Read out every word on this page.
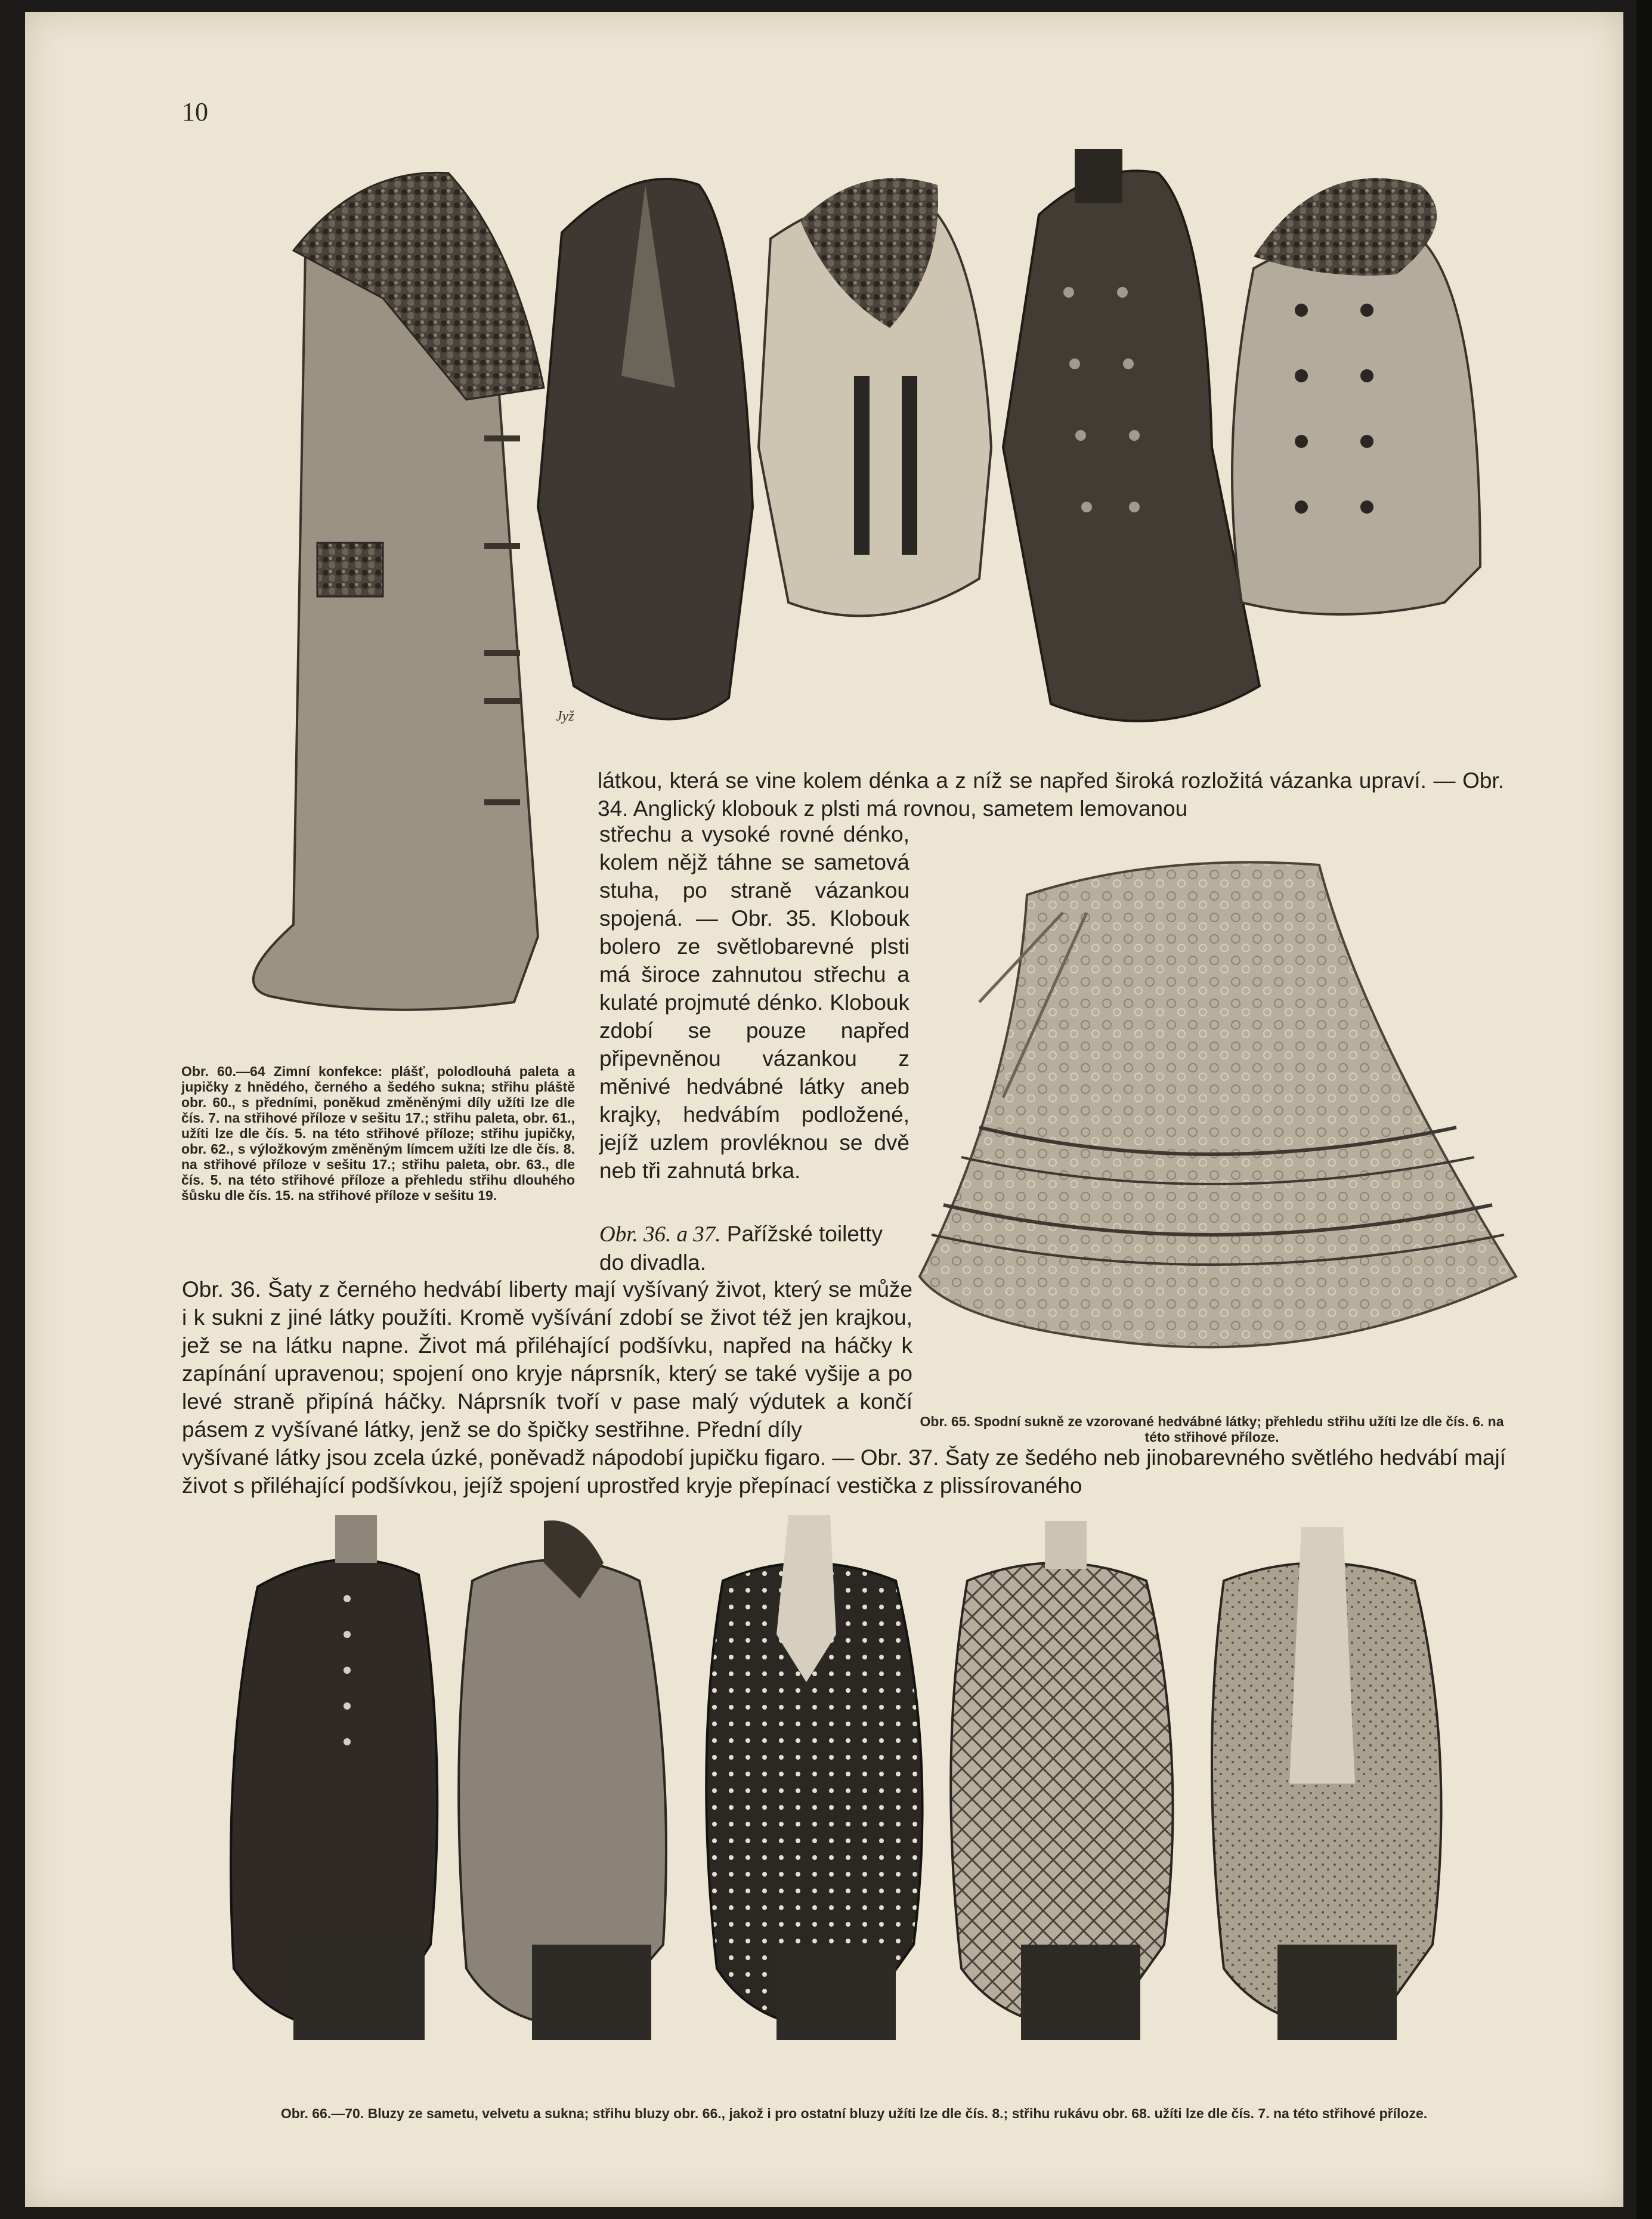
10
Jyž

látkou, která se vine kolem dénka a z níž se napřed široká rozložitá vázanka upraví. — Obr. 34. Anglický klobouk z plsti má rovnou, sametem lemovanou

střechu a vysoké rovné dénko, kolem nějž táhne se sametová stuha, po straně vázankou spojená. — Obr. 35. Klobouk bolero ze světlobarevné plsti má široce zahnutou střechu a kulaté projmuté dénko. Klobouk zdobí se pouze napřed připevněnou vázankou z měnivé hedvábné látky aneb krajky, hedvábím podložené, jejíž uzlem provléknou se dvě neb tři zahnutá brka.

Obr. 36. a 37. Pařížské toiletty do divadla.

Obr. 36. Šaty z černého hedvábí liberty mají vyšívaný život, který se může i k sukni z jiné látky použíti. Kromě vyšívání zdobí se život též jen krajkou, jež se na látku napne. Život má přiléhající podšívku, napřed na háčky k zapínání upravenou; spojení ono kryje náprsník, který se také vyšije a po levé straně připíná háčky. Náprsník tvoří v pase malý výdutek a končí pásem z vyšívané látky, jenž se do špičky sestřihne. Přední díly

vyšívané látky jsou zcela úzké, poněvadž nápodobí jupičku figaro. — Obr. 37. Šaty ze šedého neb jinobarevného světlého hedvábí mají život s přiléhající podšívkou, jejíž spojení uprostřed kryje přepínací vestička z plissírovaného

Obr. 60.—64 Zimní konfekce: plášť, polodlouhá paleta a jupičky z hnědého, černého a šedého sukna; střihu pláště obr. 60., s předními, poněkud změněnými díly užíti lze dle čís. 7. na střihové příloze v sešitu 17.; střihu paleta, obr. 61., užíti lze dle čís. 5. na této střihové příloze; střihu jupičky, obr. 62., s výložkovým změněným límcem užíti lze dle čís. 8. na střihové příloze v sešitu 17.; střihu paleta, obr. 63., dle čís. 5. na této střihové příloze a přehledu střihu dlouhého šůsku dle čís. 15. na střihové příloze v sešitu 19.

Obr. 65. Spodní sukně ze vzorované hedvábné látky; přehledu střihu užíti lze dle čís. 6. na této střihové příloze.

Obr. 66.—70. Bluzy ze sametu, velvetu a sukna; střihu bluzy obr. 66., jakož i pro ostatní bluzy užíti lze dle čís. 8.; střihu rukávu obr. 68. užíti lze dle čís. 7. na této střihové příloze.
